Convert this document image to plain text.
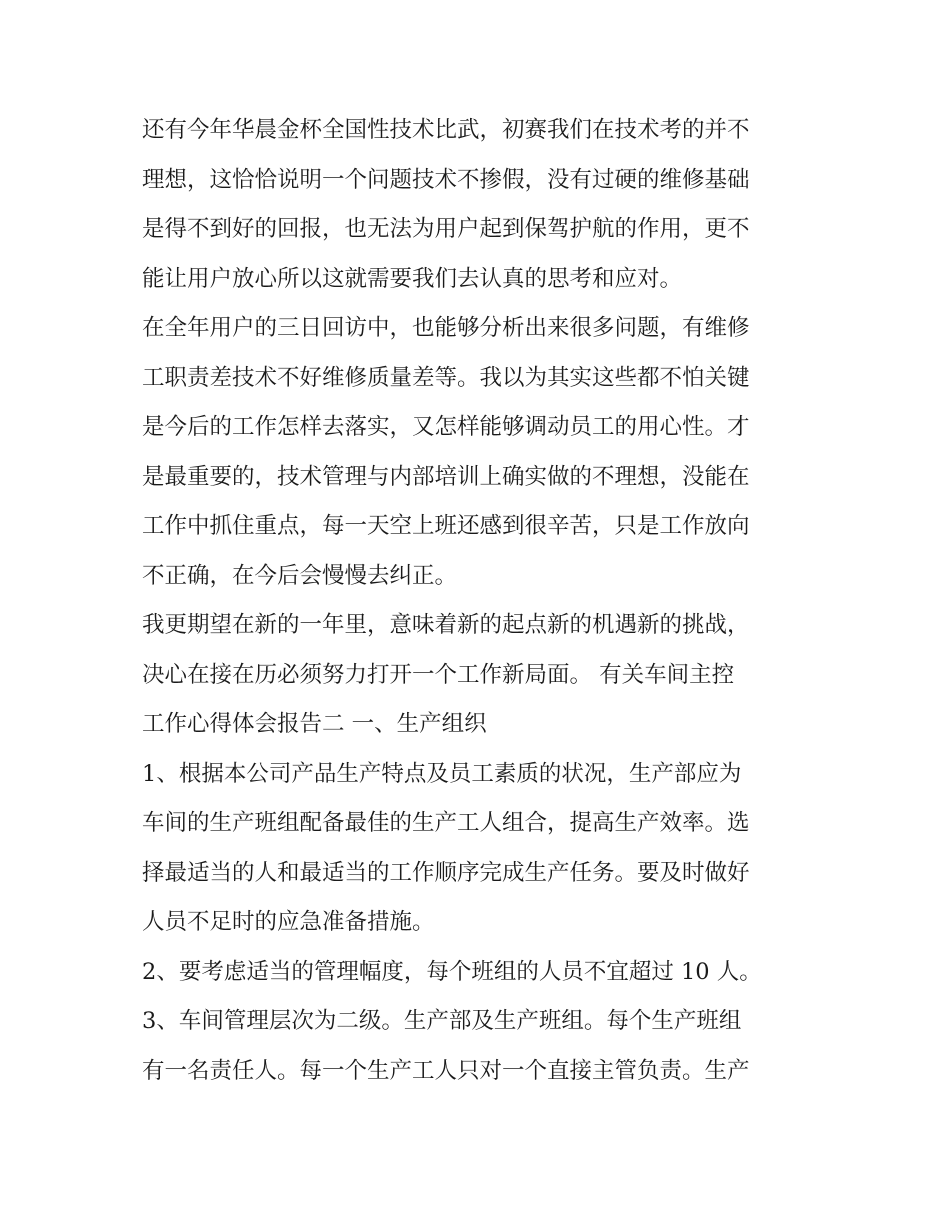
还有今年华晨金杯全国性技术比武，初赛我们在技术考的并不
理想，这恰恰说明一个问题技术不掺假，没有过硬的维修基础
是得不到好的回报，也无法为用户起到保驾护航的作用，更不
能让用户放心所以这就需要我们去认真的思考和应对。
在全年用户的三日回访中，也能够分析出来很多问题，有维修
工职责差技术不好维修质量差等。我以为其实这些都不怕关键
是今后的工作怎样去落实，又怎样能够调动员工的用心性。才
是最重要的，技术管理与内部培训上确实做的不理想，没能在
工作中抓住重点，每一天空上班还感到很辛苦，只是工作放向
不正确，在今后会慢慢去纠正。
我更期望在新的一年里，意味着新的起点新的机遇新的挑战，
决心在接在历必须努力打开一个工作新局面。 有关车间主控
工作心得体会报告二 一、生产组织
1、根据本公司产品生产特点及员工素质的状况，生产部应为
车间的生产班组配备最佳的生产工人组合，提高生产效率。选
择最适当的人和最适当的工作顺序完成生产任务。要及时做好
人员不足时的应急准备措施。
2、要考虑适当的管理幅度，每个班组的人员不宜超过 10 人。
3、车间管理层次为二级。生产部及生产班组。每个生产班组
有一名责任人。每一个生产工人只对一个直接主管负责。生产
